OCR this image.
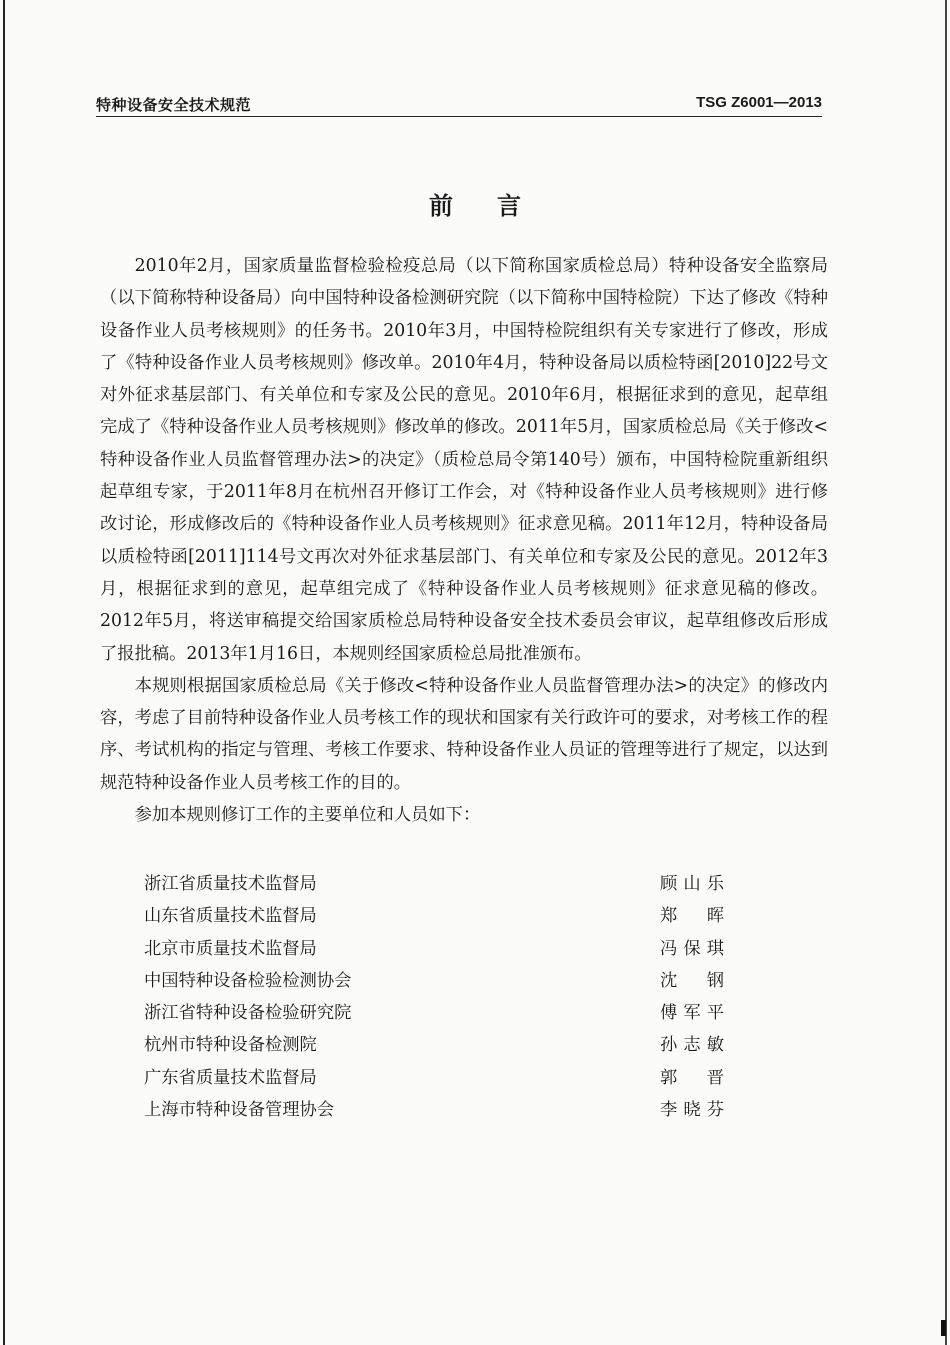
特种设备安全技术规范	TSG Z6001—2013
前言

2010年2月，国家质量监督检验检疫总局（以下简称国家质检总局）特种设备安全监察局（以下简称特种设备局）向中国特种设备检测研究院（以下简称中国特检院）下达了修改《特种设备作业人员考核规则》的任务书。2010年3月，中国特检院组织有关专家进行了修改，形成了《特种设备作业人员考核规则》修改单。2010年4月，特种设备局以质检特函[2010]22号文对外征求基层部门、有关单位和专家及公民的意见。2010年6月，根据征求到的意见，起草组完成了《特种设备作业人员考核规则》修改单的修改。2011年5月，国家质检总局《关于修改<特种设备作业人员监督管理办法>的决定》（质检总局令第140号）颁布，中国特检院重新组织起草组专家，于2011年8月在杭州召开修订工作会，对《特种设备作业人员考核规则》进行修改讨论，形成修改后的《特种设备作业人员考核规则》征求意见稿。2011年12月，特种设备局以质检特函[2011]114号文再次对外征求基层部门、有关单位和专家及公民的意见。2012年3月，根据征求到的意见，起草组完成了《特种设备作业人员考核规则》征求意见稿的修改。2012年5月，将送审稿提交给国家质检总局特种设备安全技术委员会审议，起草组修改后形成了报批稿。2013年1月16日，本规则经国家质检总局批准颁布。

本规则根据国家质检总局《关于修改<特种设备作业人员监督管理办法>的决定》的修改内容，考虑了目前特种设备作业人员考核工作的现状和国家有关行政许可的要求，对考核工作的程序、考试机构的指定与管理、考核工作要求、特种设备作业人员证的管理等进行了规定，以达到规范特种设备作业人员考核工作的目的。

参加本规则修订工作的主要单位和人员如下：

浙江省质量技术监督局	顾山乐
山东省质量技术监督局	郑晖
北京市质量技术监督局	冯保琪
中国特种设备检验检测协会	沈钢
浙江省特种设备检验研究院	傅军平
杭州市特种设备检测院	孙志敏
广东省质量技术监督局	郭晋
上海市特种设备管理协会	李晓芬
